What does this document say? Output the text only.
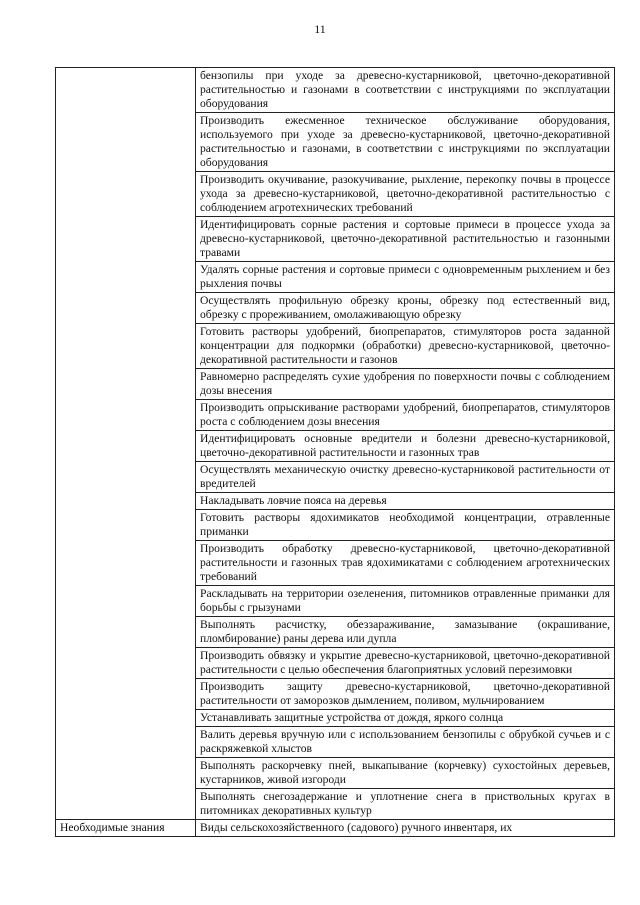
11
	бензопилы при уходе за древесно-кустарниковой, цветочно-декоративной растительностью и газонами в соответствии с инструкциями по эксплуатации оборудования
	Производить ежесменное техническое обслуживание оборудования, используемого при уходе за древесно-кустарниковой, цветочно-декоративной растительностью и газонами, в соответствии с инструкциями по эксплуатации оборудования
	Производить окучивание, разокучивание, рыхление, перекопку почвы в процессе ухода за древесно-кустарниковой, цветочно-декоративной растительностью с соблюдением агротехнических требований
	Идентифицировать сорные растения и сортовые примеси в процессе ухода за древесно-кустарниковой, цветочно-декоративной растительностью и газонными травами
	Удалять сорные растения и сортовые примеси с одновременным рыхлением и без рыхления почвы
	Осуществлять профильную обрезку кроны, обрезку под естественный вид, обрезку с прореживанием, омолаживающую обрезку
	Готовить растворы удобрений, биопрепаратов, стимуляторов роста заданной концентрации для подкормки (обработки) древесно-кустарниковой, цветочно-декоративной растительности и газонов
	Равномерно распределять сухие удобрения по поверхности почвы с соблюдением дозы внесения
	Производить опрыскивание растворами удобрений, биопрепаратов, стимуляторов роста с соблюдением дозы внесения
	Идентифицировать основные вредители и болезни древесно-кустарниковой, цветочно-декоративной растительности и газонных трав
	Осуществлять механическую очистку древесно-кустарниковой растительности от вредителей
	Накладывать ловчие пояса на деревья
	Готовить растворы ядохимикатов необходимой концентрации, отравленные приманки
	Производить обработку древесно-кустарниковой, цветочно-декоративной растительности и газонных трав ядохимикатами с соблюдением агротехнических требований
	Раскладывать на территории озеленения, питомников отравленные приманки для борьбы с грызунами
	Выполнять расчистку, обеззараживание, замазывание (окрашивание, пломбирование) раны дерева или дупла
	Производить обвязку и укрытие древесно-кустарниковой, цветочно-декоративной растительности с целью обеспечения благоприятных условий перезимовки
	Производить защиту древесно-кустарниковой, цветочно-декоративной растительности от заморозков дымлением, поливом, мульчированием
	Устанавливать защитные устройства от дождя, яркого солнца
	Валить деревья вручную или с использованием бензопилы с обрубкой сучьев и с раскряжевкой хлыстов
	Выполнять раскорчевку пней, выкапывание (корчевку) сухостойных деревьев, кустарников, живой изгороди
	Выполнять снегозадержание и уплотнение снега в приствольных кругах в питомниках декоративных культур
Необходимые знания	Виды сельскохозяйственного (садового) ручного инвентаря, их
